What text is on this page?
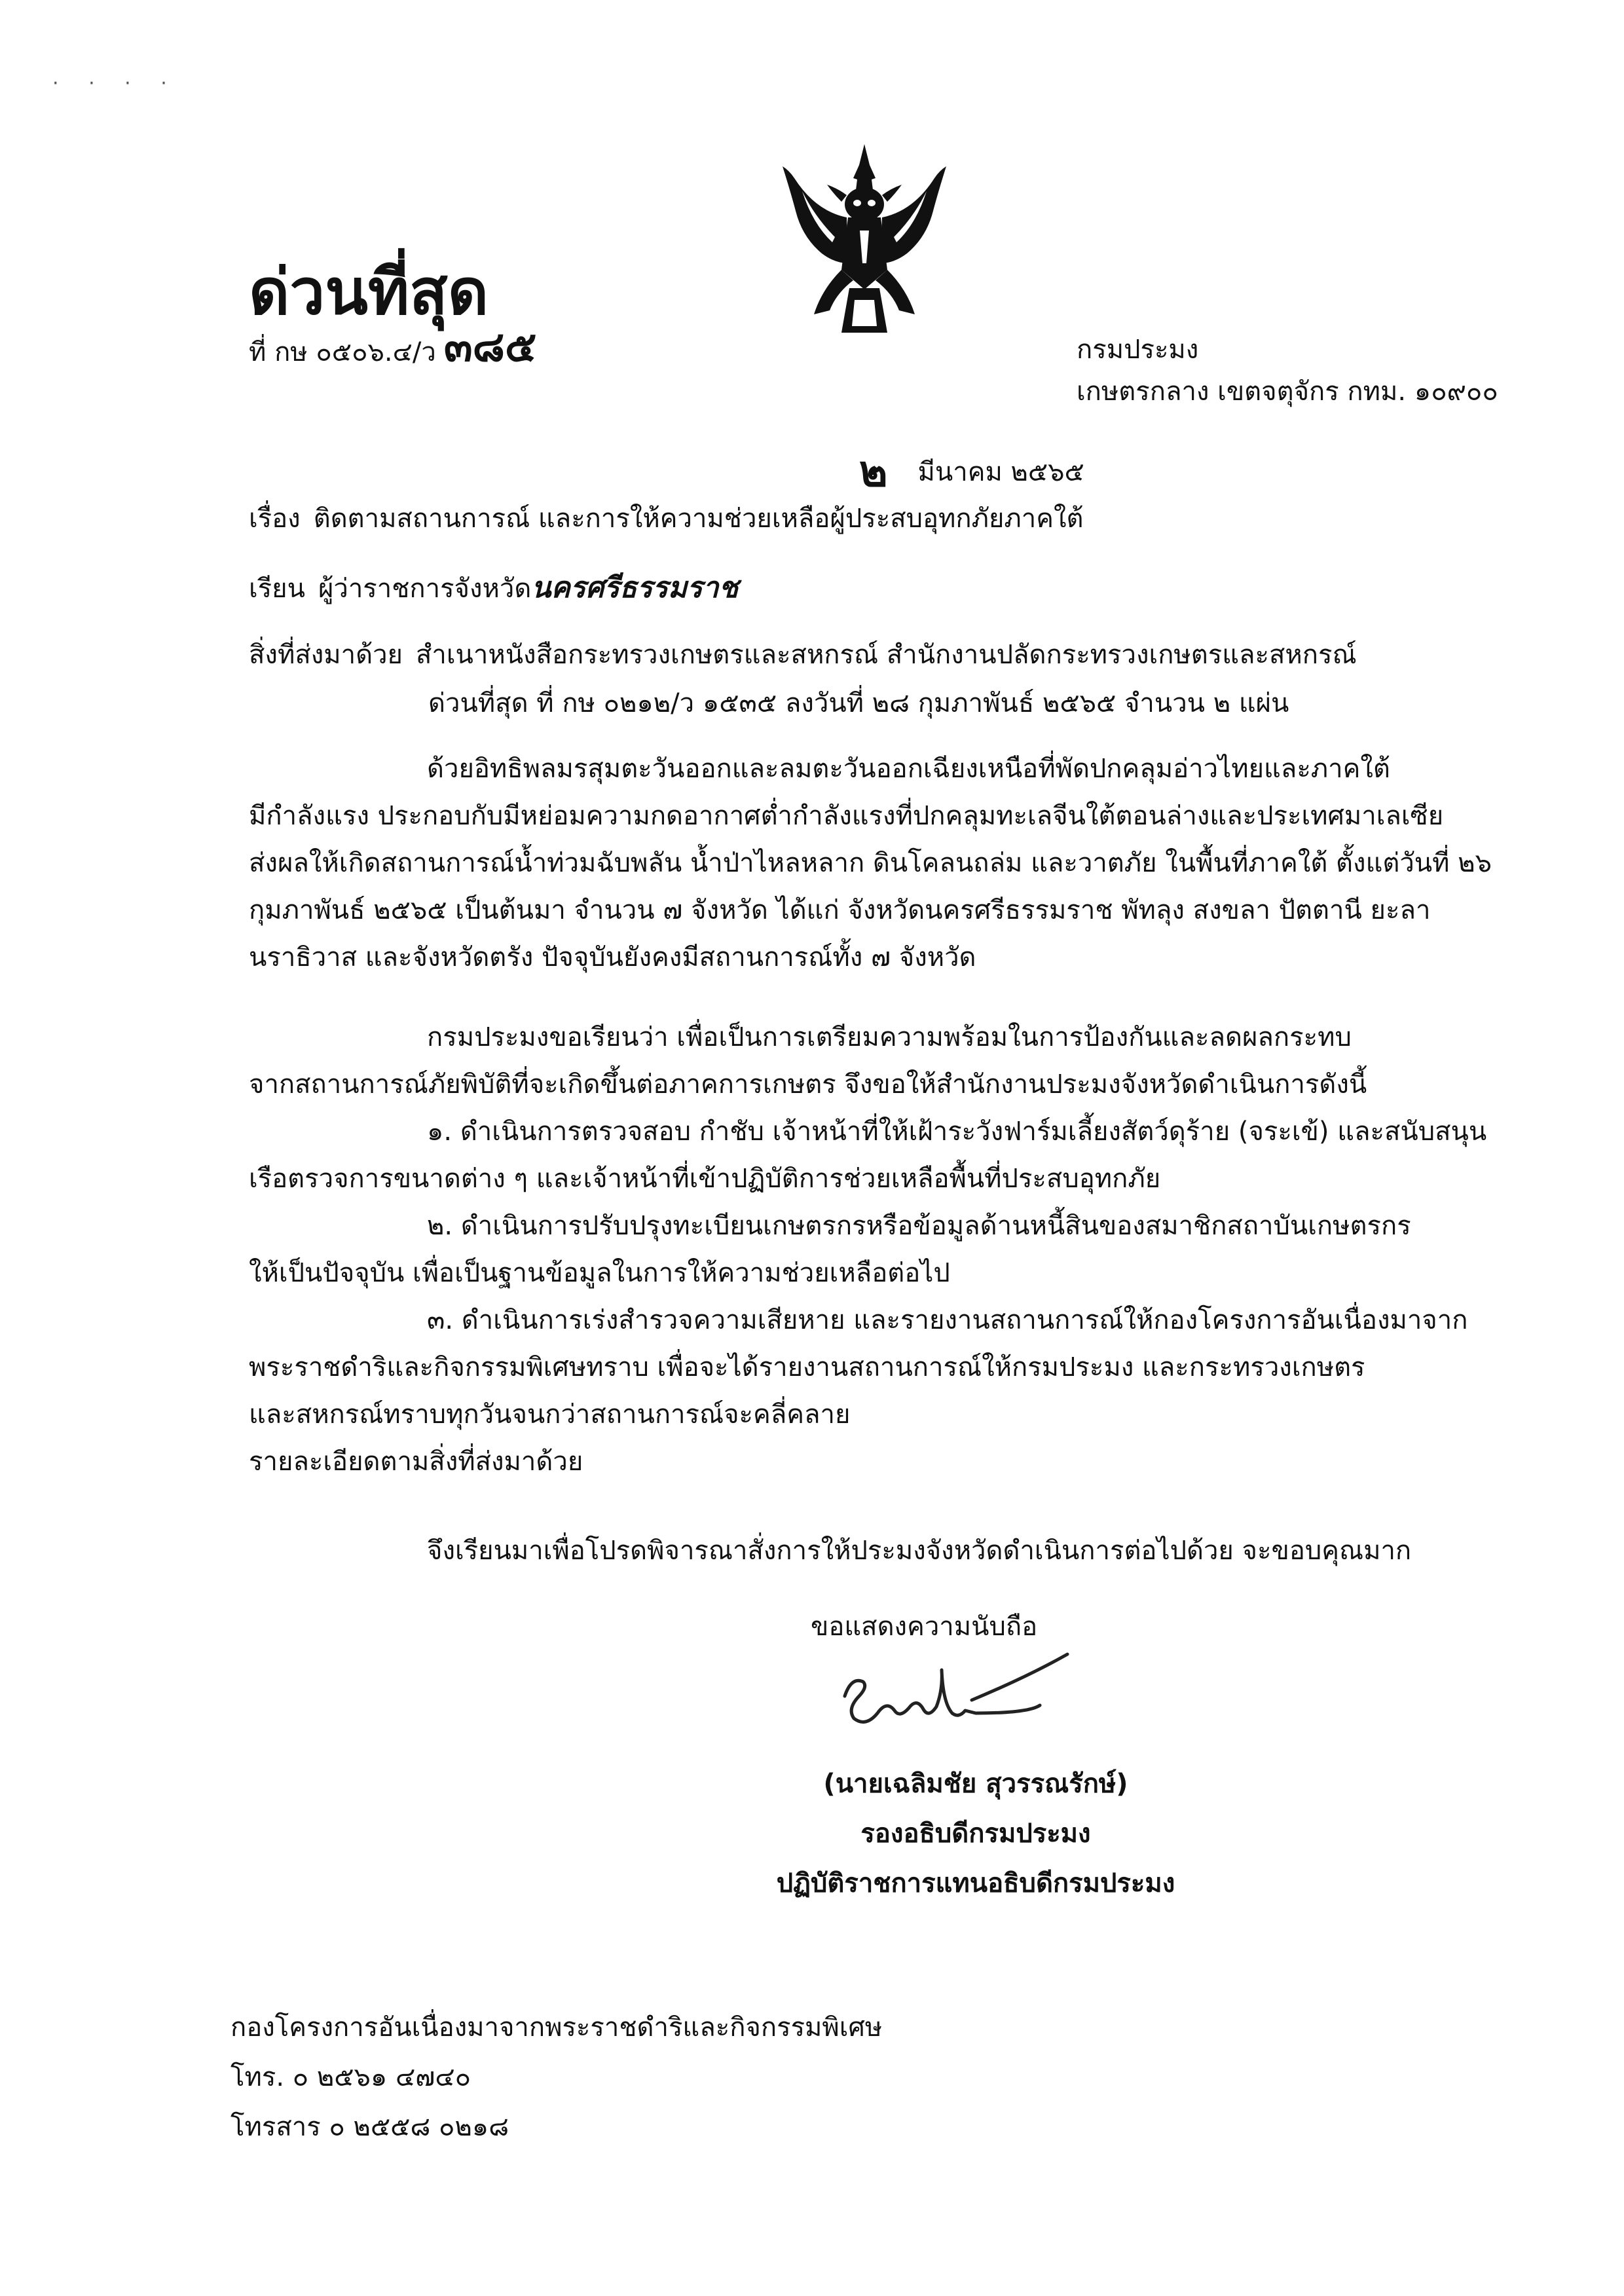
· · · ·
ด่วนที่สุด
ที่ กษ ๐๕๐๖.๔/ว ๓๘๕	กรมประมง
เกษตรกลาง เขตจตุจักร กทม. ๑๐๙๐๐
๒ มีนาคม ๒๕๖๕
เรื่อง ติดตามสถานการณ์ และการให้ความช่วยเหลือผู้ประสบอุทกภัยภาคใต้
เรียน ผู้ว่าราชการจังหวัดนครศรีธรรมราช
สิ่งที่ส่งมาด้วย สำเนาหนังสือกระทรวงเกษตรและสหกรณ์ สำนักงานปลัดกระทรวงเกษตรและสหกรณ์
ด่วนที่สุด ที่ กษ ๐๒๑๒/ว ๑๕๓๕ ลงวันที่ ๒๘ กุมภาพันธ์ ๒๕๖๕ จำนวน ๒ แผ่น

ด้วยอิทธิพลมรสุมตะวันออกและลมตะวันออกเฉียงเหนือที่พัดปกคลุมอ่าวไทยและภาคใต้

มีกำลังแรง ประกอบกับมีหย่อมความกดอากาศต่ำกำลังแรงที่ปกคลุมทะเลจีนใต้ตอนล่างและประเทศมาเลเซีย

ส่งผลให้เกิดสถานการณ์น้ำท่วมฉับพลัน น้ำป่าไหลหลาก ดินโคลนถล่ม และวาตภัย ในพื้นที่ภาคใต้ ตั้งแต่วันที่ ๒๖

กุมภาพันธ์ ๒๕๖๕ เป็นต้นมา จำนวน ๗ จังหวัด ได้แก่ จังหวัดนครศรีธรรมราช พัทลุง สงขลา ปัตตานี ยะลา

นราธิวาส และจังหวัดตรัง ปัจจุบันยังคงมีสถานการณ์ทั้ง ๗ จังหวัด

กรมประมงขอเรียนว่า เพื่อเป็นการเตรียมความพร้อมในการป้องกันและลดผลกระทบ

จากสถานการณ์ภัยพิบัติที่จะเกิดขึ้นต่อภาคการเกษตร จึงขอให้สำนักงานประมงจังหวัดดำเนินการดังนี้

๑. ดำเนินการตรวจสอบ กำชับ เจ้าหน้าที่ให้เฝ้าระวังฟาร์มเลี้ยงสัตว์ดุร้าย (จระเข้) และสนับสนุน

เรือตรวจการขนาดต่าง ๆ และเจ้าหน้าที่เข้าปฏิบัติการช่วยเหลือพื้นที่ประสบอุทกภัย

๒. ดำเนินการปรับปรุงทะเบียนเกษตรกรหรือข้อมูลด้านหนี้สินของสมาชิกสถาบันเกษตรกร

ให้เป็นปัจจุบัน เพื่อเป็นฐานข้อมูลในการให้ความช่วยเหลือต่อไป

๓. ดำเนินการเร่งสำรวจความเสียหาย และรายงานสถานการณ์ให้กองโครงการอันเนื่องมาจาก

พระราชดำริและกิจกรรมพิเศษทราบ เพื่อจะได้รายงานสถานการณ์ให้กรมประมง และกระทรวงเกษตร

และสหกรณ์ทราบทุกวันจนกว่าสถานการณ์จะคลี่คลาย

รายละเอียดตามสิ่งที่ส่งมาด้วย

จึงเรียนมาเพื่อโปรดพิจารณาสั่งการให้ประมงจังหวัดดำเนินการต่อไปด้วย จะขอบคุณมาก
ขอแสดงความนับถือ
(นายเฉลิมชัย สุวรรณรักษ์)
รองอธิบดีกรมประมง
ปฏิบัติราชการแทนอธิบดีกรมประมง
กองโครงการอันเนื่องมาจากพระราชดำริและกิจกรรมพิเศษ
โทร. ๐ ๒๕๖๑ ๔๗๔๐
โทรสาร ๐ ๒๕๕๘ ๐๒๑๘
